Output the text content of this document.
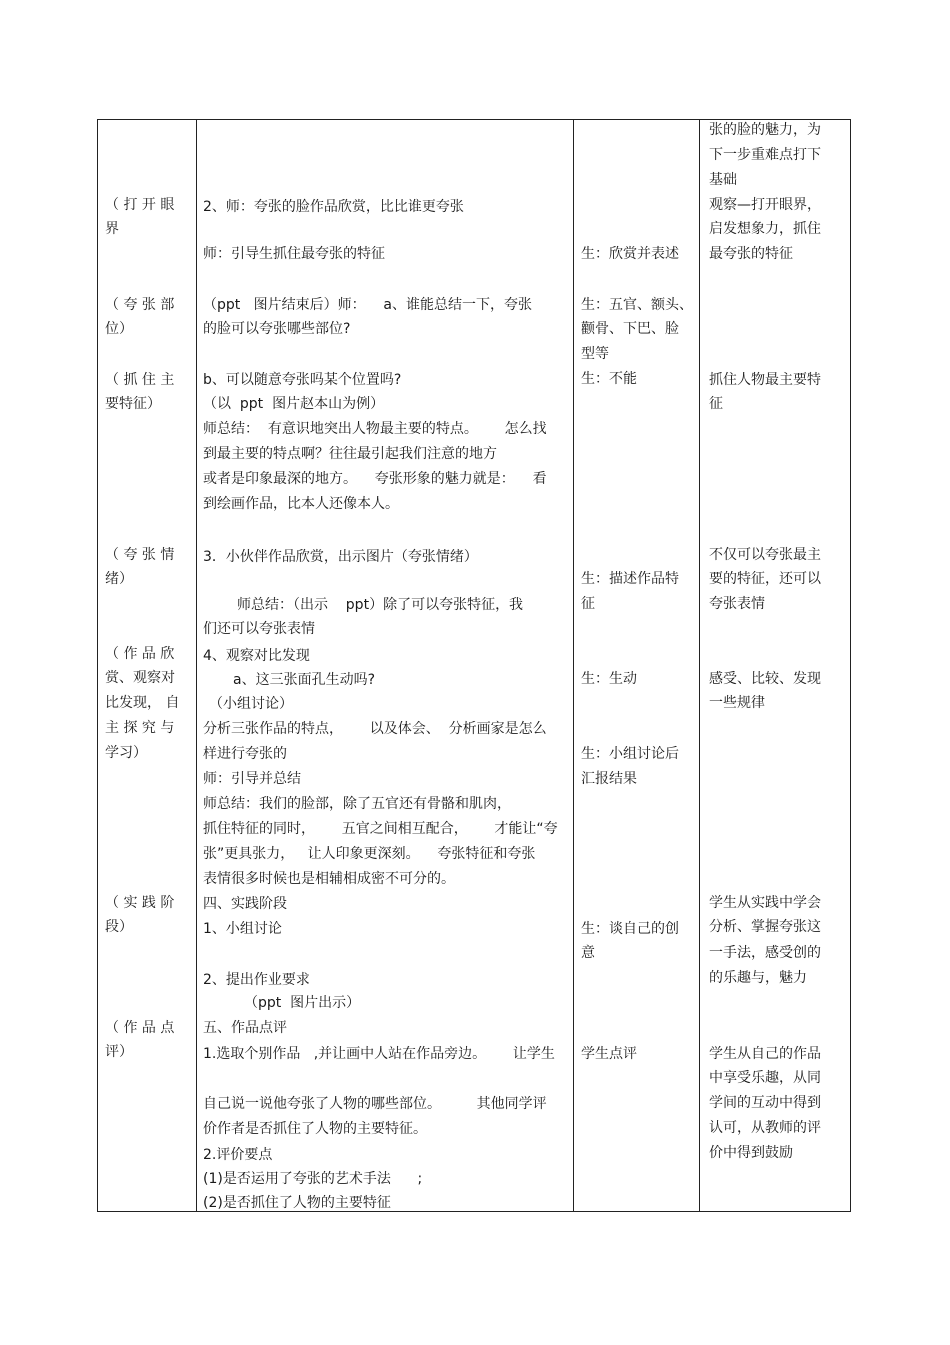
（ 打 开 眼
界
（ 夸 张 部
位）
（ 抓 住 主
要特征）
（ 夸 张 情
绪）
（ 作 品 欣
赏、观察对
比发现， 自
主 探 究 与
学习）
（ 实 践 阶
段）
（ 作 品 点
评）
2、师：夸张的脸作品欣赏，比比谁更夸张
师：引导生抓住最夸张的特征
（ppt   图片结束后）师：    a、谁能总结一下，夸张
的脸可以夸张哪些部位?
b、可以随意夸张吗某个位置吗?
（以  ppt  图片赵本山为例）
师总结：  有意识地突出人物最主要的特点。      怎么找
到最主要的特点啊？往往最引起我们注意的地方
或者是印象最深的地方。    夸张形象的魅力就是：    看
到绘画作品，比本人还像本人。
3．小伙伴作品欣赏，出示图片（夸张情绪）
师总结：（出示    ppt）除了可以夸张特征，我
们还可以夸张表情
4、观察对比发现
a、这三张面孔生动吗?
（小组讨论）
分析三张作品的特点，      以及体会、  分析画家是怎么
样进行夸张的
师：引导并总结
师总结：我们的脸部，除了五官还有骨骼和肌肉，
抓住特征的同时，      五官之间相互配合，      才能让“夸
张”更具张力，   让人印象更深刻。    夸张特征和夸张
表情很多时候也是相辅相成密不可分的。
四、实践阶段
1、小组讨论
2、提出作业要求
（ppt  图片出示）
五、作品点评
1.选取个别作品   ,并让画中人站在作品旁边。      让学生
自己说一说他夸张了人物的哪些部位。        其他同学评
价作者是否抓住了人物的主要特征。
2.评价要点
(1)是否运用了夸张的艺术手法      ;
(2)是否抓住了人物的主要特征
生：欣赏并表述
生：五官、额头、
颧骨、下巴、脸
型等
生：不能
生：描述作品特
征
生：生动
生：小组讨论后
汇报结果
生：谈自己的创
意
学生点评
张的脸的魅力，为
下一步重难点打下
基础
观察—打开眼界，
启发想象力，抓住
最夸张的特征
抓住人物最主要特
征
不仅可以夸张最主
要的特征，还可以
夸张表情
感受、比较、发现
一些规律
学生从实践中学会
分析、掌握夸张这
一手法，感受创的
的乐趣与，魅力
学生从自己的作品
中享受乐趣，从同
学间的互动中得到
认可，从教师的评
价中得到鼓励
